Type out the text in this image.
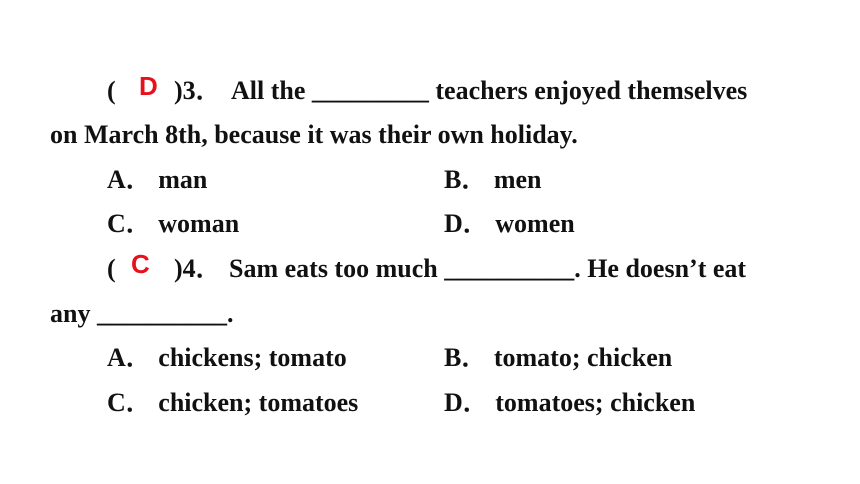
( D )3． All the _________ teachers enjoyed themselves
on March 8th, because it was their own holiday.
A． man	B． men
C． woman	D． women
( C )4． Sam eats too much __________. He doesn’t eat
any __________.
A． chickens; tomato	B． tomato; chicken
C． chicken; tomatoes	D． tomatoes; chicken
